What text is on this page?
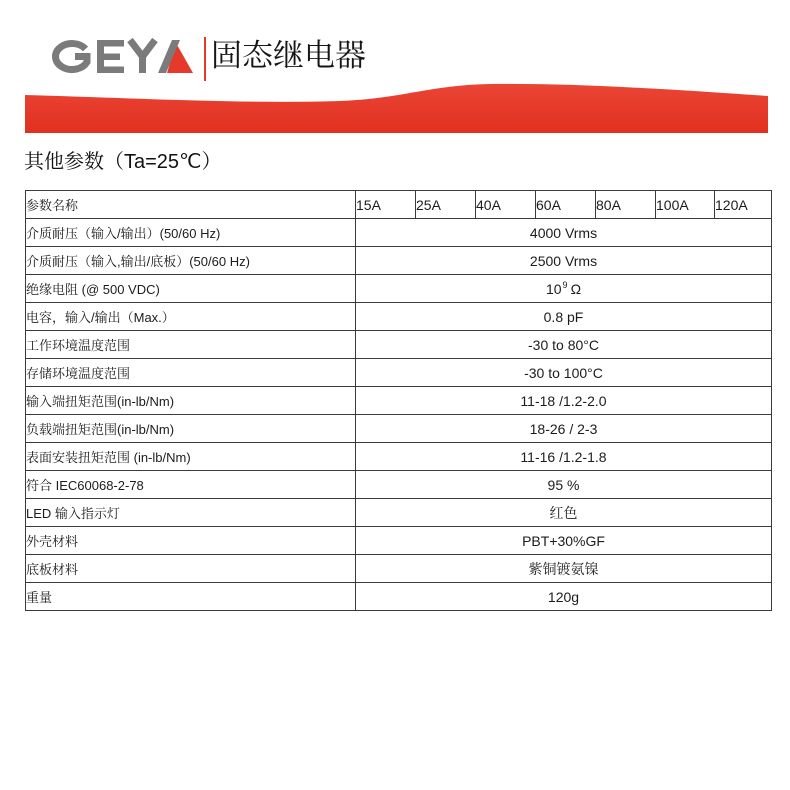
固态继电器
其他参数（Ta=25℃）
参数名称	15A	25A	40A	60A	80A	100A	120A
介质耐压（输入/输出）(50/60 Hz)	4000 Vrms						
介质耐压（输入,输出/底板）(50/60 Hz)	2500 Vrms						
绝缘电阻 (@ 500 VDC)	$10^9$ Ω						
电容，输入/输出（Max.）	0.8 pF						
工作环境温度范围	-30 to 80°C						
存储环境温度范围	-30 to 100°C						
输入端扭矩范围(in-lb/Nm)	11-18 /1.2-2.0						
负载端扭矩范围(in-lb/Nm)	18-26 / 2-3						
表面安装扭矩范围 (in-lb/Nm)	11-16 /1.2-1.8						
符合 IEC60068-2-78	95 %						
LED 输入指示灯	红色						
外壳材料	PBT+30%GF						
底板材料	紫铜镀氨镍						
重量	120g						
